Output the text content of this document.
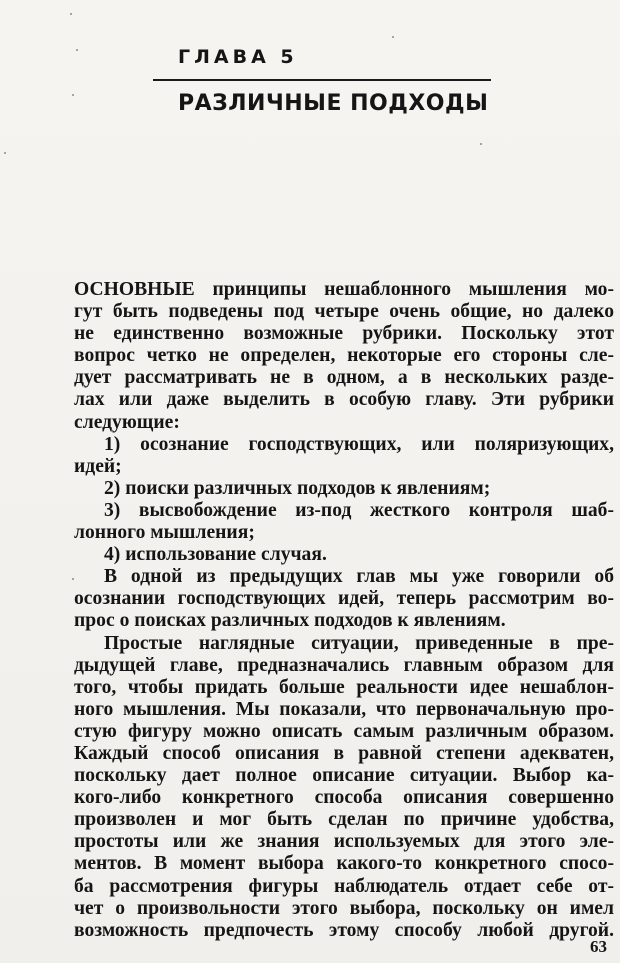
ГЛАВА 5
РАЗЛИЧНЫЕ ПОДХОДЫ
ОСНОВНЫЕ принципы нешаблонного мышления мо-
гут быть подведены под четыре очень общие, но далеко
не единственно возможные рубрики. Поскольку этот
вопрос четко не определен, некоторые его стороны сле-
дует рассматривать не в одном, а в нескольких разде-
лах или даже выделить в особую главу. Эти рубрики
следующие:
1) осознание господствующих, или поляризующих,
идей;
2) поиски различных подходов к явлениям;
3) высвобождение из-под жесткого контроля шаб-
лонного мышления;
4) использование случая.
В одной из предыдущих глав мы уже говорили об
осознании господствующих идей, теперь рассмотрим во-
прос о поисках различных подходов к явлениям.
Простые наглядные ситуации, приведенные в пре-
дыдущей главе, предназначались главным образом для
того, чтобы придать больше реальности идее нешаблон-
ного мышления. Мы показали, что первоначальную про-
стую фигуру можно описать самым различным образом.
Каждый способ описания в равной степени адекватен,
поскольку дает полное описание ситуации. Выбор ка-
кого-либо конкретного способа описания совершенно
произволен и мог быть сделан по причине удобства,
простоты или же знания используемых для этого эле-
ментов. В момент выбора какого-то конкретного спосо-
ба рассмотрения фигуры наблюдатель отдает себе от-
чет о произвольности этого выбора, поскольку он имел
возможность предпочесть этому способу любой другой.
63
